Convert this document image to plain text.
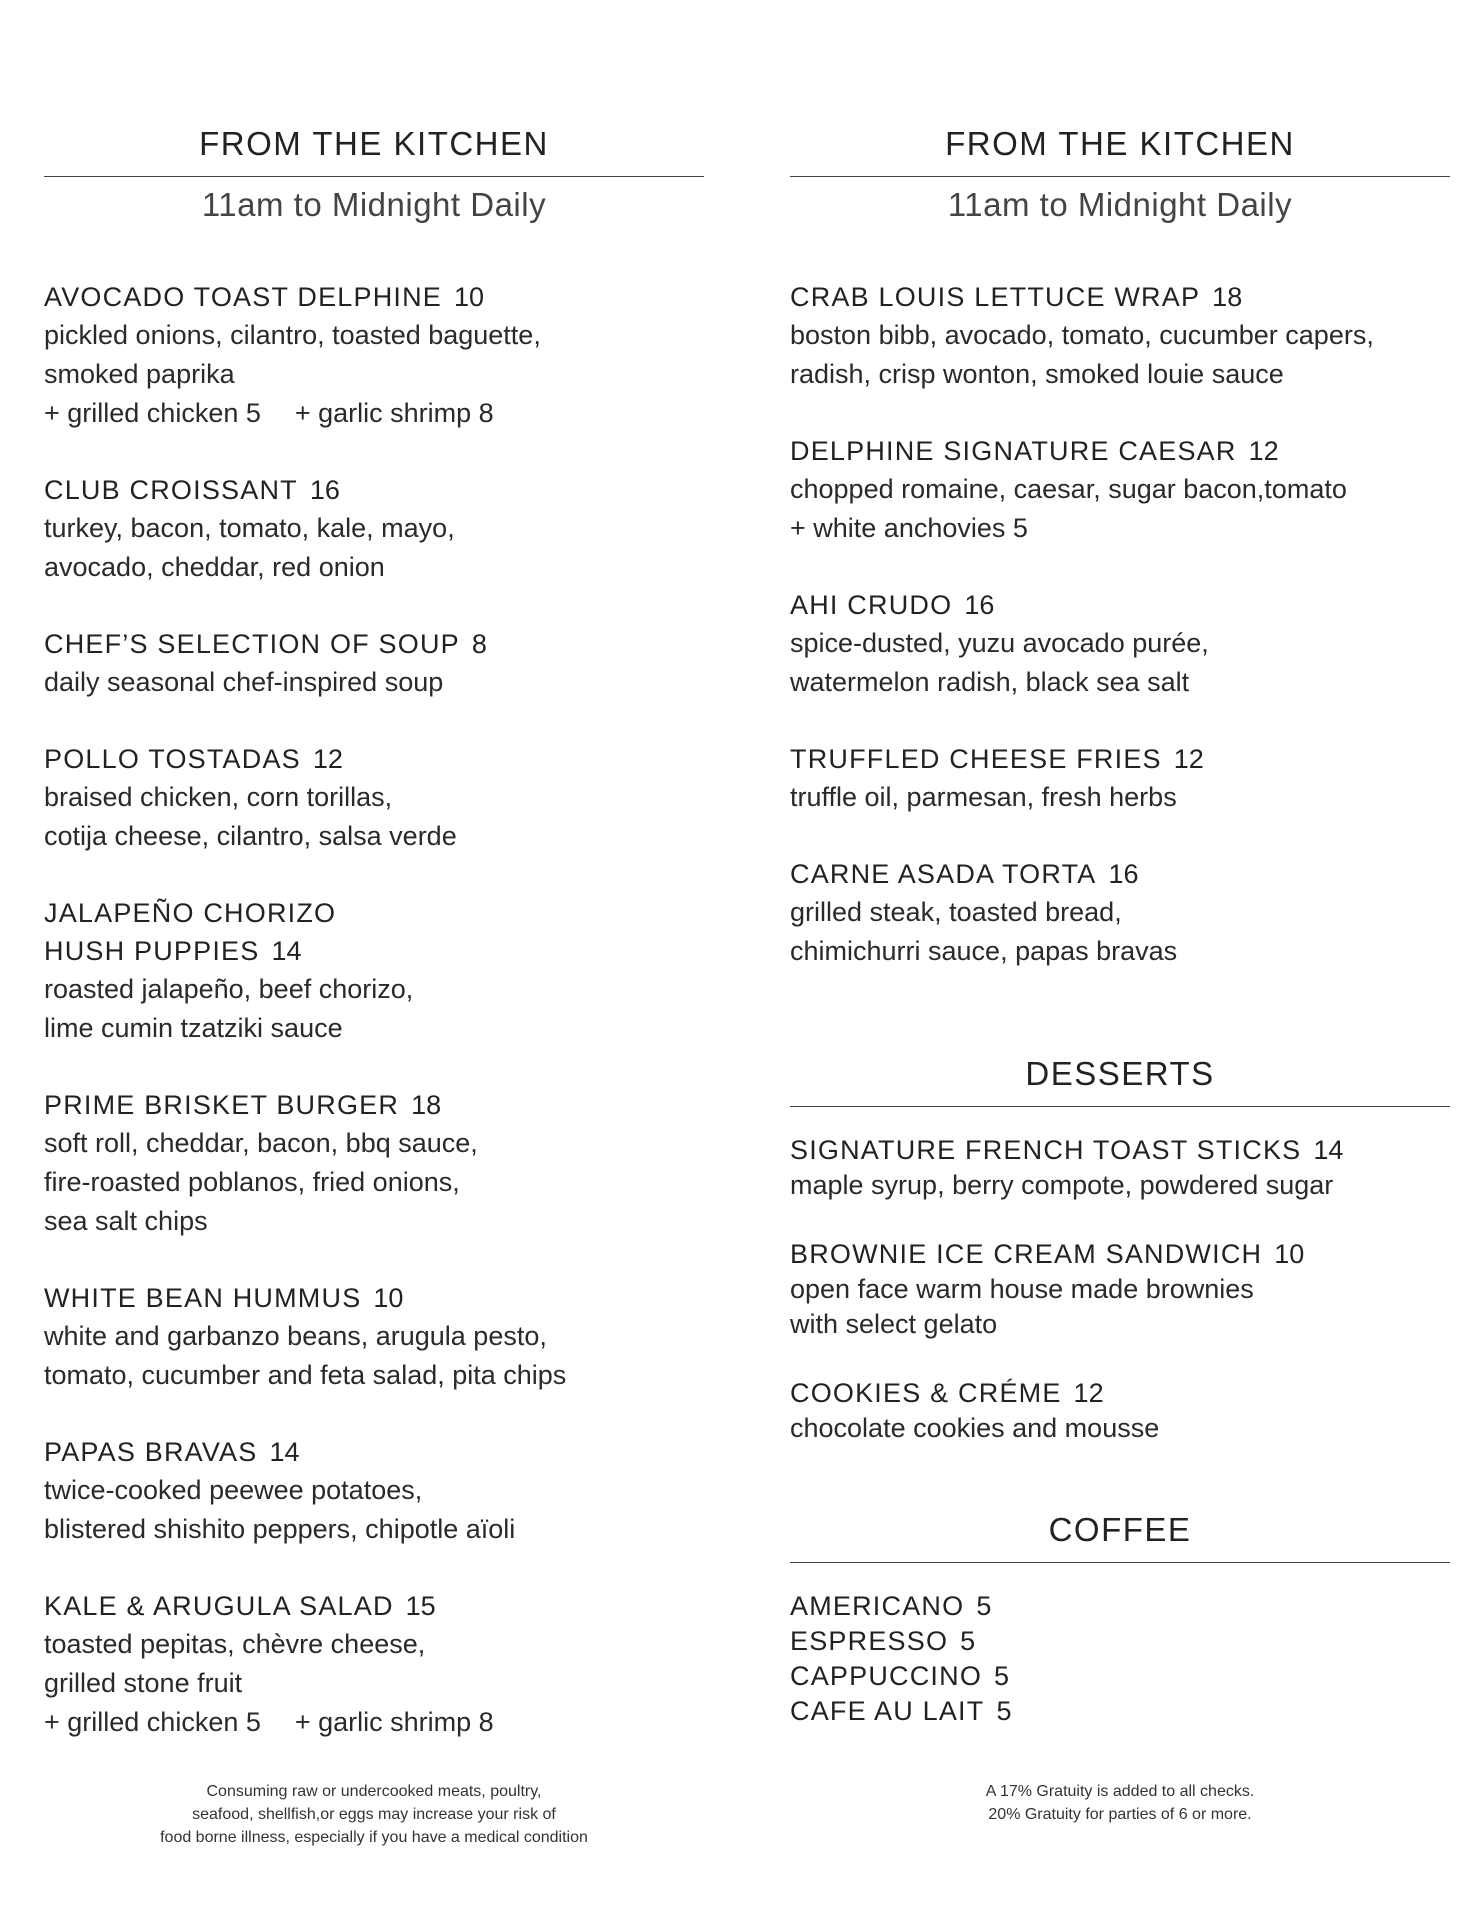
FROM THE KITCHEN
11am to Midnight Daily
AVOCADO TOAST DELPHINE 10
pickled onions, cilantro, toasted baguette,
smoked paprika
+ grilled chicken 5 + garlic shrimp 8
CLUB CROISSANT 16
turkey, bacon, tomato, kale, mayo,
avocado, cheddar, red onion
CHEF’S SELECTION OF SOUP 8
daily seasonal chef-inspired soup
POLLO TOSTADAS 12
braised chicken, corn torillas,
cotija cheese, cilantro, salsa verde
JALAPEÑO CHORIZO
HUSH PUPPIES 14
roasted jalapeño, beef chorizo,
lime cumin tzatziki sauce
PRIME BRISKET BURGER 18
soft roll, cheddar, bacon, bbq sauce,
fire-roasted poblanos, fried onions,
sea salt chips
WHITE BEAN HUMMUS 10
white and garbanzo beans, arugula pesto,
tomato, cucumber and feta salad, pita chips
PAPAS BRAVAS 14
twice-cooked peewee potatoes,
blistered shishito peppers, chipotle aïoli
KALE & ARUGULA SALAD 15
toasted pepitas, chèvre cheese,
grilled stone fruit
+ grilled chicken 5 + garlic shrimp 8
Consuming raw or undercooked meats, poultry,
seafood, shellfish,or eggs may increase your risk of
food borne illness, especially if you have a medical condition
FROM THE KITCHEN
11am to Midnight Daily
CRAB LOUIS LETTUCE WRAP 18
boston bibb, avocado, tomato, cucumber capers,
radish, crisp wonton, smoked louie sauce
DELPHINE SIGNATURE CAESAR 12
chopped romaine, caesar, sugar bacon,tomato
+ white anchovies 5
AHI CRUDO 16
spice-dusted, yuzu avocado purée,
watermelon radish, black sea salt
TRUFFLED CHEESE FRIES 12
truffle oil, parmesan, fresh herbs
CARNE ASADA TORTA 16
grilled steak, toasted bread,
chimichurri sauce, papas bravas
DESSERTS
SIGNATURE FRENCH TOAST STICKS 14
maple syrup, berry compote, powdered sugar
BROWNIE ICE CREAM SANDWICH 10
open face warm house made brownies
with select gelato
COOKIES & CRÉME 12
chocolate cookies and mousse
COFFEE
AMERICANO 5
ESPRESSO 5
CAPPUCCINO 5
CAFE AU LAIT 5
A 17% Gratuity is added to all checks.
20% Gratuity for parties of 6 or more.
